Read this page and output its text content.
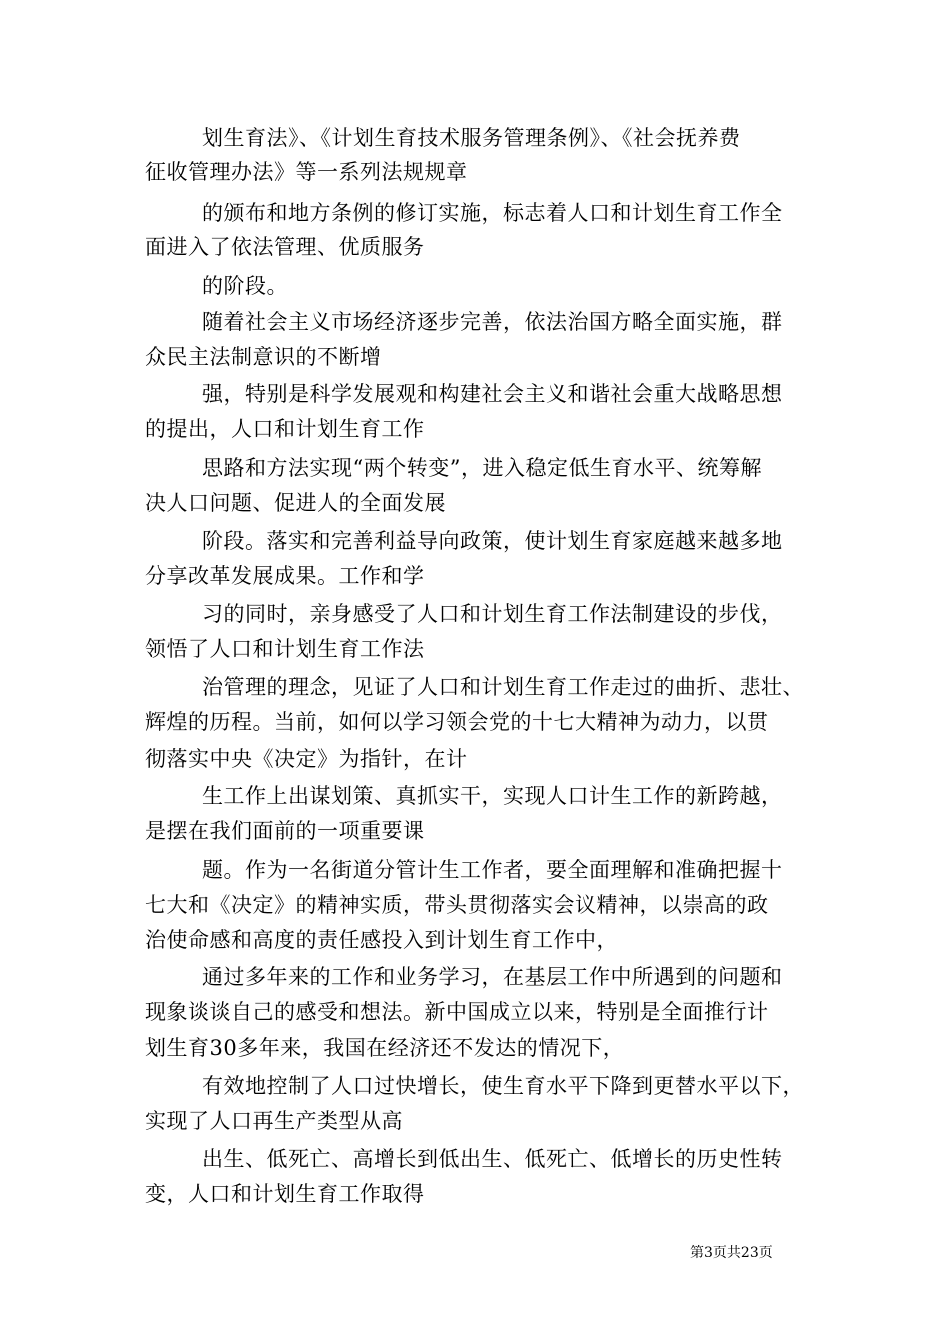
划生育法》、《计划生育技术服务管理条例》、《社会抚养费
征收管理办法》等一系列法规规章
的颁布和地方条例的修订实施，标志着人口和计划生育工作全
面进入了依法管理、优质服务
的阶段。
随着社会主义市场经济逐步完善，依法治国方略全面实施，群
众民主法制意识的不断增
强，特别是科学发展观和构建社会主义和谐社会重大战略思想
的提出，人口和计划生育工作
思路和方法实现“两个转变”，进入稳定低生育水平、统筹解
决人口问题、促进人的全面发展
阶段。落实和完善利益导向政策，使计划生育家庭越来越多地
分享改革发展成果。工作和学
习的同时，亲身感受了人口和计划生育工作法制建设的步伐，
领悟了人口和计划生育工作法
治管理的理念，见证了人口和计划生育工作走过的曲折、悲壮、
辉煌的历程。当前，如何以学习领会党的十七大精神为动力，以贯
彻落实中央《决定》为指针，在计
生工作上出谋划策、真抓实干，实现人口计生工作的新跨越，
是摆在我们面前的一项重要课
题。作为一名街道分管计生工作者，要全面理解和准确把握十
七大和《决定》的精神实质，带头贯彻落实会议精神，以崇高的政
治使命感和高度的责任感投入到计划生育工作中，
通过多年来的工作和业务学习，在基层工作中所遇到的问题和
现象谈谈自己的感受和想法。新中国成立以来，特别是全面推行计
划生育30多年来，我国在经济还不发达的情况下，
有效地控制了人口过快增长，使生育水平下降到更替水平以下，
实现了人口再生产类型从高
出生、低死亡、高增长到低出生、低死亡、低增长的历史性转
变，人口和计划生育工作取得
第3页共23页
